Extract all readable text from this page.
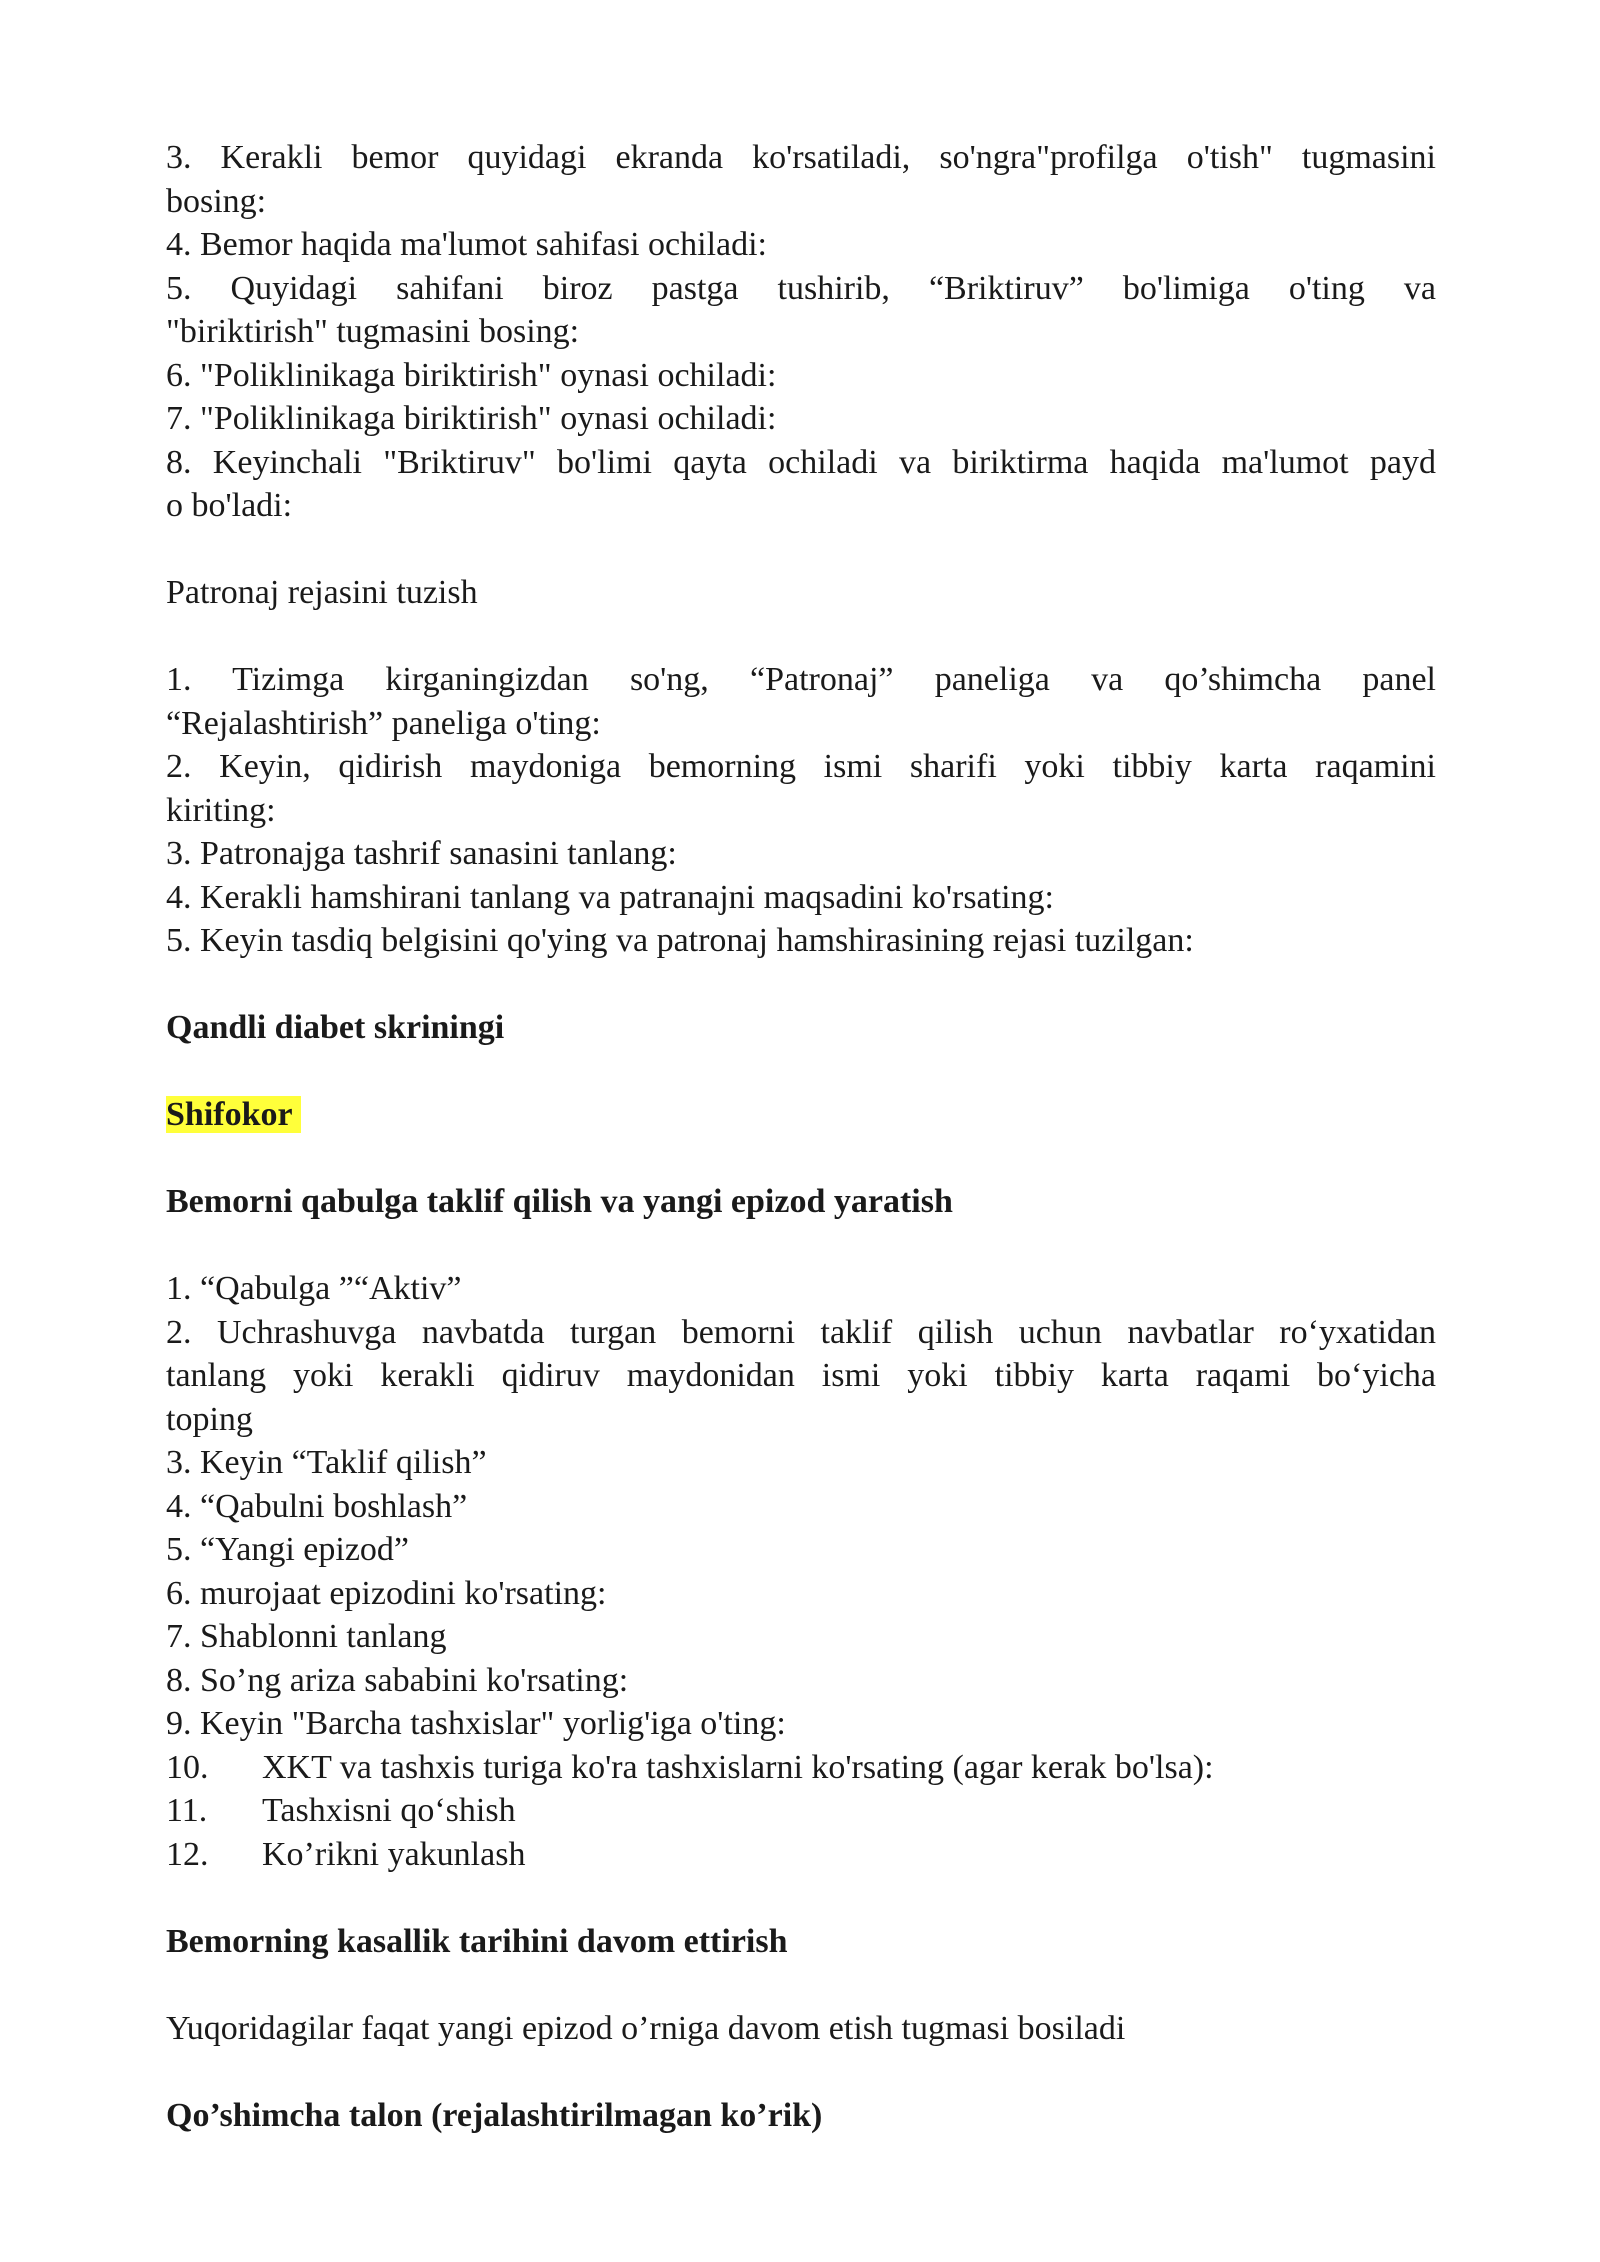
3. Kerakli bemor quyidagi ekranda ko'rsatiladi, so'ngra"profilga o'tish" tugmasini
bosing:
4. Bemor haqida ma'lumot sahifasi ochiladi:
5. Quyidagi sahifani biroz pastga tushirib, “Briktiruv” bo'limiga o'ting va
"biriktirish" tugmasini bosing:
6. "Poliklinikaga biriktirish" oynasi ochiladi:
7. "Poliklinikaga biriktirish" oynasi ochiladi:
8. Keyinchali "Briktiruv" bo'limi qayta ochiladi va biriktirma haqida ma'lumot payd
o bo'ladi:
Patronaj rejasini tuzish
1. Tizimga kirganingizdan so'ng, “Patronaj” paneliga va qo’shimcha panel
“Rejalashtirish” paneliga o'ting:
2. Keyin, qidirish maydoniga bemorning ismi sharifi yoki tibbiy karta raqamini
kiriting:
3. Patronajga tashrif sanasini tanlang:
4. Kerakli hamshirani tanlang va patranajni maqsadini ko'rsating:
5. Keyin tasdiq belgisini qo'ying va patronaj hamshirasining rejasi tuzilgan:
Qandli diabet skriningi
Shifokor
Bemorni qabulga taklif qilish va yangi epizod yaratish
1. “Qabulga ”“Aktiv”
2. Uchrashuvga navbatda turgan bemorni taklif qilish uchun navbatlar ro‘yxatidan
tanlang yoki kerakli qidiruv maydonidan ismi yoki tibbiy karta raqami bo‘yicha
toping
3. Keyin “Taklif qilish”
4. “Qabulni boshlash”
5. “Yangi epizod”
6. murojaat epizodini ko'rsating:
7. Shablonni tanlang
8. So’ng ariza sababini ko'rsating:
9. Keyin "Barcha tashxislar" yorlig'iga o'ting:
10. XKT va tashxis turiga ko'ra tashxislarni ko'rsating (agar kerak bo'lsa):
11. Tashxisni qo‘shish
12. Ko’rikni yakunlash
Bemorning kasallik tarihini davom ettirish
Yuqoridagilar faqat yangi epizod o’rniga davom etish tugmasi bosiladi
Qo’shimcha talon (rejalashtirilmagan ko’rik)
